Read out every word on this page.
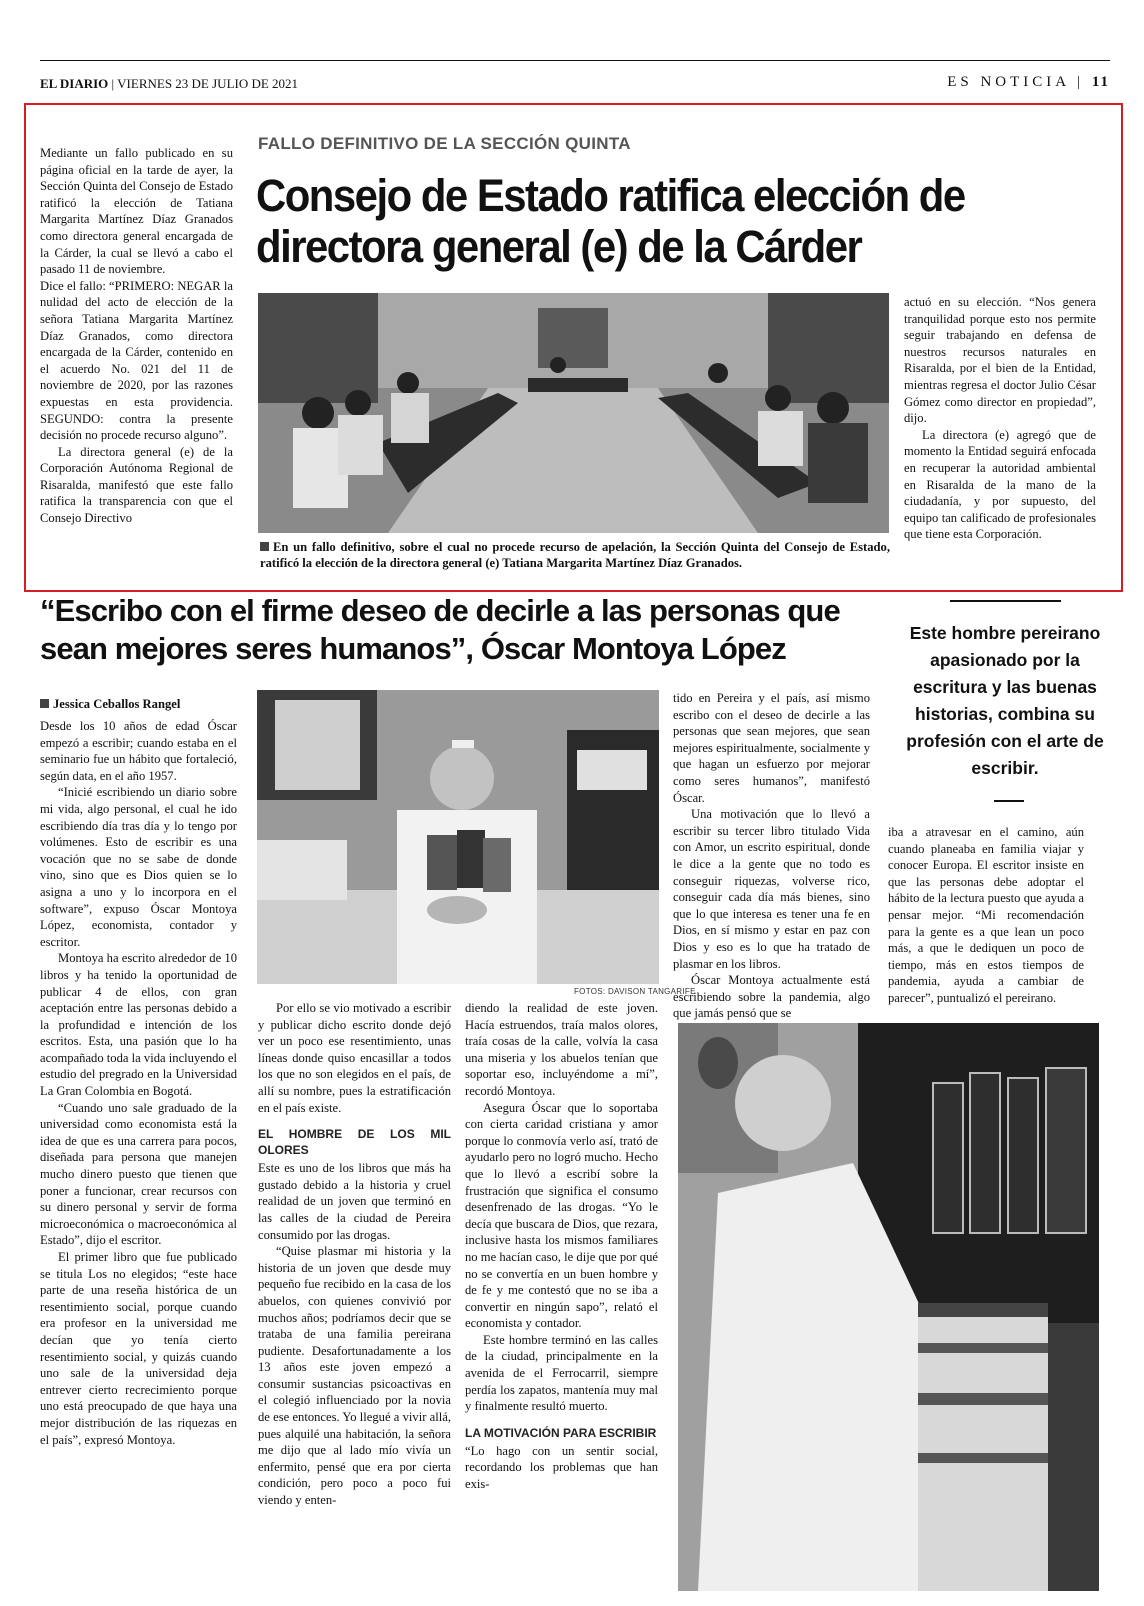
EL DIARIO | VIERNES 23 DE JULIO DE 2021	ES NOTICIA | 11
FALLO DEFINITIVO DE LA SECCIÓN QUINTA
Consejo de Estado ratifica elección de directora general (e) de la Cárder

Mediante un fallo publicado en su página oficial en la tarde de ayer, la Sección Quinta del Consejo de Estado ratificó la elección de Tatiana Margarita Martínez Díaz Granados como directora general encargada de la Cárder, la cual se llevó a cabo el pasado 11 de noviembre.

Dice el fallo: “PRIMERO: NEGAR la nulidad del acto de elección de la señora Tatiana Margarita Martínez Díaz Granados, como directora encargada de la Cárder, contenido en el acuerdo No. 021 del 11 de noviembre de 2020, por las razones expuestas en esta providencia. SEGUNDO: contra la presente decisión no procede recurso alguno”.

La directora general (e) de la Corporación Autónoma Regional de Risaralda, manifestó que este fallo ratifica la transparencia con que el Consejo Directivo

En un fallo definitivo, sobre el cual no procede recurso de apelación, la Sección Quinta del Consejo de Estado, ratificó la elección de la directora general (e) Tatiana Margarita Martínez Díaz Granados.

actuó en su elección. “Nos genera tranquilidad porque esto nos permite seguir trabajando en defensa de nuestros recursos naturales en Risaralda, por el bien de la Entidad, mientras regresa el doctor Julio César Gómez como director en propiedad”, dijo.

La directora (e) agregó que de momento la Entidad seguirá enfocada en recuperar la autoridad ambiental en Risaralda de la mano de la ciudadanía, y por supuesto, del equipo tan calificado de profesionales que tiene esta Corporación.

“Escribo con el firme deseo de decirle a las personas que sean mejores seres humanos”, Óscar Montoya López	Este hombre pereirano apasionado por la escritura y las buenas historias, combina su profesión con el arte de escribir.
Jessica Ceballos Rangel

Desde los 10 años de edad Óscar empezó a escribir; cuando estaba en el seminario fue un hábito que fortaleció, según data, en el año 1957.

“Inicié escribiendo un diario sobre mi vida, algo personal, el cual he ido escribiendo día tras día y lo tengo por volúmenes. Esto de escribir es una vocación que no se sabe de donde vino, sino que es Dios quien se lo asigna a uno y lo incorpora en el software”, expuso Óscar Montoya López, economista, contador y escritor.

Montoya ha escrito alrededor de 10 libros y ha tenido la oportunidad de publicar 4 de ellos, con gran aceptación entre las personas debido a la profundidad e intención de los escritos. Esta, una pasión que lo ha acompañado toda la vida incluyendo el estudio del pregrado en la Universidad La Gran Colombia en Bogotá.

“Cuando uno sale graduado de la universidad como economista está la idea de que es una carrera para pocos, diseñada para persona que manejen mucho dinero puesto que tienen que poner a funcionar, crear recursos con su dinero personal y servir de forma microeconómica o macroeconómica al Estado”, dijo el escritor.

El primer libro que fue publicado se titula Los no elegidos; “este hace parte de una reseña histórica de un resentimiento social, porque cuando era profesor en la universidad me decían que yo tenía cierto resentimiento social, y quizás cuando uno sale de la universidad deja entrever cierto recrecimiento porque uno está preocupado de que haya una mejor distribución de las riquezas en el país”, expresó Montoya.

FOTOS: DAVISON TANGARIFE

Por ello se vio motivado a escribir y publicar dicho escrito donde dejó ver un poco ese resentimiento, unas líneas donde quiso encasillar a todos los que no son elegidos en el país, de allí su nombre, pues la estratificación en el país existe.

EL HOMBRE DE LOS MIL OLORES

Este es uno de los libros que más ha gustado debido a la historia y cruel realidad de un joven que terminó en las calles de la ciudad de Pereira consumido por las drogas.

“Quise plasmar mi historia y la historia de un joven que desde muy pequeño fue recibido en la casa de los abuelos, con quienes convivió por muchos años; podríamos decir que se trataba de una familia pereirana pudiente. Desafortunadamente a los 13 años este joven empezó a consumir sustancias psicoactivas en el colegió influenciado por la novia de ese entonces. Yo llegué a vivir allá, pues alquilé una habitación, la señora me dijo que al lado mío vivía un enfermito, pensé que era por cierta condición, pero poco a poco fui viendo y enten-

diendo la realidad de este joven. Hacía estruendos, traía malos olores, traía cosas de la calle, volvía la casa una miseria y los abuelos tenían que soportar eso, incluyéndome a mí”, recordó Montoya.

Asegura Óscar que lo soportaba con cierta caridad cristiana y amor porque lo conmovía verlo así, trató de ayudarlo pero no logró mucho. Hecho que lo llevó a escribí sobre la frustración que significa el consumo desenfrenado de las drogas. “Yo le decía que buscara de Dios, que rezara, inclusive hasta los mismos familiares no me hacían caso, le dije que por qué no se convertía en un buen hombre y de fe y me contestó que no se iba a convertir en ningún sapo”, relató el economista y contador.

Este hombre terminó en las calles de la ciudad, principalmente en la avenida de el Ferrocarril, siempre perdía los zapatos, mantenía muy mal y finalmente resultó muerto.

LA MOTIVACIÓN PARA ESCRIBIR

“Lo hago con un sentir social, recordando los problemas que han exis-

tido en Pereira y el país, así mismo escribo con el deseo de decirle a las personas que sean mejores, que sean mejores espiritualmente, socialmente y que hagan un esfuerzo por mejorar como seres humanos”, manifestó Óscar.

Una motivación que lo llevó a escribir su tercer libro titulado Vida con Amor, un escrito espiritual, donde le dice a la gente que no todo es conseguir riquezas, volverse rico, conseguir cada día más bienes, sino que lo que interesa es tener una fe en Dios, en sí mismo y estar en paz con Dios y eso es lo que ha tratado de plasmar en los libros.

Óscar Montoya actualmente está escribiendo sobre la pandemia, algo que jamás pensó que se

iba a atravesar en el camino, aún cuando planeaba en familia viajar y conocer Europa. El escritor insiste en que las personas debe adoptar el hábito de la lectura puesto que ayuda a pensar mejor. “Mi recomendación para la gente es a que lean un poco más, a que le dediquen un poco de tiempo, más en estos tiempos de pandemia, ayuda a cambiar de parecer”, puntualizó el pereirano.
